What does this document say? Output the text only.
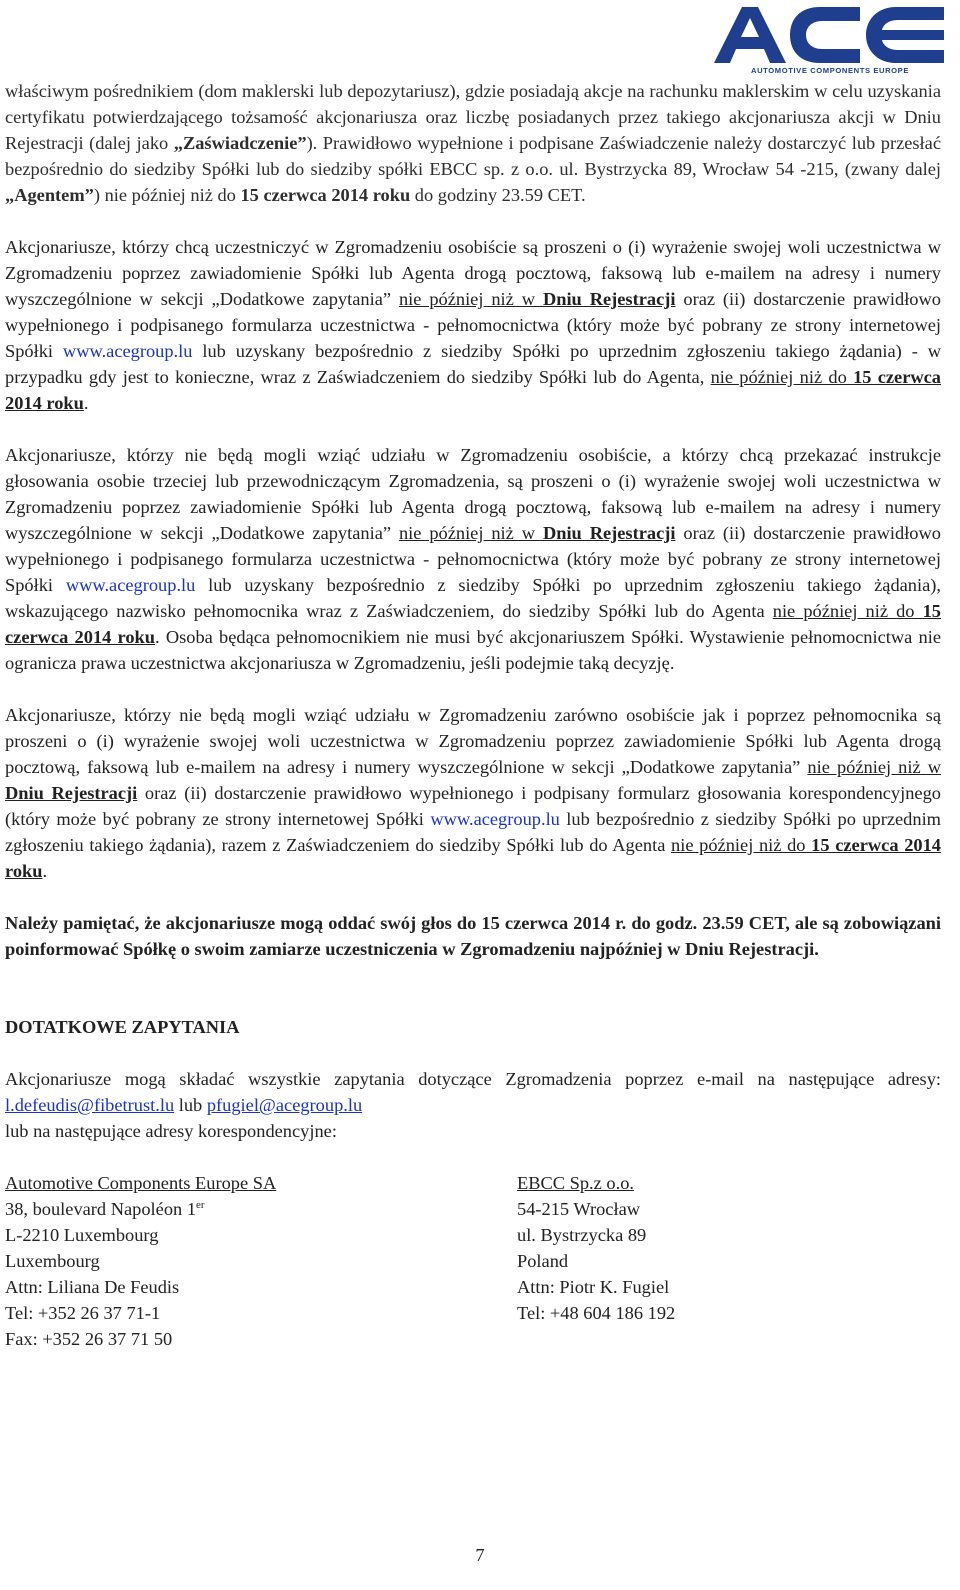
AUTOMOTIVE COMPONENTS EUROPE

właściwym pośrednikiem (dom maklerski lub depozytariusz), gdzie posiadają akcje na rachunku maklerskim w celu uzyskania certyfikatu potwierdzającego tożsamość akcjonariusza oraz liczbę posiadanych przez takiego akcjonariusza akcji w Dniu Rejestracji (dalej jako „Zaświadczenie”). Prawidłowo wypełnione i podpisane Zaświadczenie należy dostarczyć lub przesłać bezpośrednio do siedziby Spółki lub do siedziby spółki EBCC sp. z o.o. ul. Bystrzycka 89, Wrocław 54 -215, (zwany dalej „Agentem”) nie później niż do 15 czerwca 2014 roku do godziny 23.59 CET.

Akcjonariusze, którzy chcą uczestniczyć w Zgromadzeniu osobiście są proszeni o (i) wyrażenie swojej woli uczestnictwa w Zgromadzeniu poprzez zawiadomienie Spółki lub Agenta drogą pocztową, faksową lub e-mailem na adresy i numery wyszczególnione w sekcji „Dodatkowe zapytania” nie później niż w Dniu Rejestracji oraz (ii) dostarczenie prawidłowo wypełnionego i podpisanego formularza uczestnictwa - pełnomocnictwa (który może być pobrany ze strony internetowej Spółki www.acegroup.lu lub uzyskany bezpośrednio z siedziby Spółki po uprzednim zgłoszeniu takiego żądania) - w przypadku gdy jest to konieczne, wraz z Zaświadczeniem do siedziby Spółki lub do Agenta, nie później niż do 15 czerwca 2014 roku.

Akcjonariusze, którzy nie będą mogli wziąć udziału w Zgromadzeniu osobiście, a którzy chcą przekazać instrukcje głosowania osobie trzeciej lub przewodniczącym Zgromadzenia, są proszeni o (i) wyrażenie swojej woli uczestnictwa w Zgromadzeniu poprzez zawiadomienie Spółki lub Agenta drogą pocztową, faksową lub e-mailem na adresy i numery wyszczególnione w sekcji „Dodatkowe zapytania” nie później niż w Dniu Rejestracji oraz (ii) dostarczenie prawidłowo wypełnionego i podpisanego formularza uczestnictwa - pełnomocnictwa (który może być pobrany ze strony internetowej Spółki www.acegroup.lu lub uzyskany bezpośrednio z siedziby Spółki po uprzednim zgłoszeniu takiego żądania), wskazującego nazwisko pełnomocnika wraz z Zaświadczeniem, do siedziby Spółki lub do Agenta nie później niż do 15 czerwca 2014 roku. Osoba będąca pełnomocnikiem nie musi być akcjonariuszem Spółki. Wystawienie pełnomocnictwa nie ogranicza prawa uczestnictwa akcjonariusza w Zgromadzeniu, jeśli podejmie taką decyzję.

Akcjonariusze, którzy nie będą mogli wziąć udziału w Zgromadzeniu zarówno osobiście jak i poprzez pełnomocnika są proszeni o (i) wyrażenie swojej woli uczestnictwa w Zgromadzeniu poprzez zawiadomienie Spółki lub Agenta drogą pocztową, faksową lub e-mailem na adresy i numery wyszczególnione w sekcji „Dodatkowe zapytania” nie później niż w Dniu Rejestracji oraz (ii) dostarczenie prawidłowo wypełnionego i podpisany formularz głosowania korespondencyjnego (który może być pobrany ze strony internetowej Spółki www.acegroup.lu lub bezpośrednio z siedziby Spółki po uprzednim zgłoszeniu takiego żądania), razem z Zaświadczeniem do siedziby Spółki lub do Agenta nie później niż do 15 czerwca 2014 roku.

Należy pamiętać, że akcjonariusze mogą oddać swój głos do 15 czerwca 2014 r. do godz. 23.59 CET, ale są zobowiązani poinformować Spółkę o swoim zamiarze uczestniczenia w Zgromadzeniu najpóźniej w Dniu Rejestracji.

DOTATKOWE ZAPYTANIA

Akcjonariusze mogą składać wszystkie zapytania dotyczące Zgromadzenia poprzez e-mail na następujące adresy: l.defeudis@fibetrust.lu lub pfugiel@acegroup.lu
lub na następujące adresy korespondencyjne:

Automotive Components Europe SA
38, boulevard Napoléon 1er
L-2210 Luxembourg
Luxembourg
Attn: Liliana De Feudis
Tel: +352 26 37 71-1
Fax: +352 26 37 71 50
EBCC Sp.z o.o.
54-215 Wrocław
ul. Bystrzycka 89
Poland
Attn: Piotr K. Fugiel
Tel: +48 604 186 192
7
